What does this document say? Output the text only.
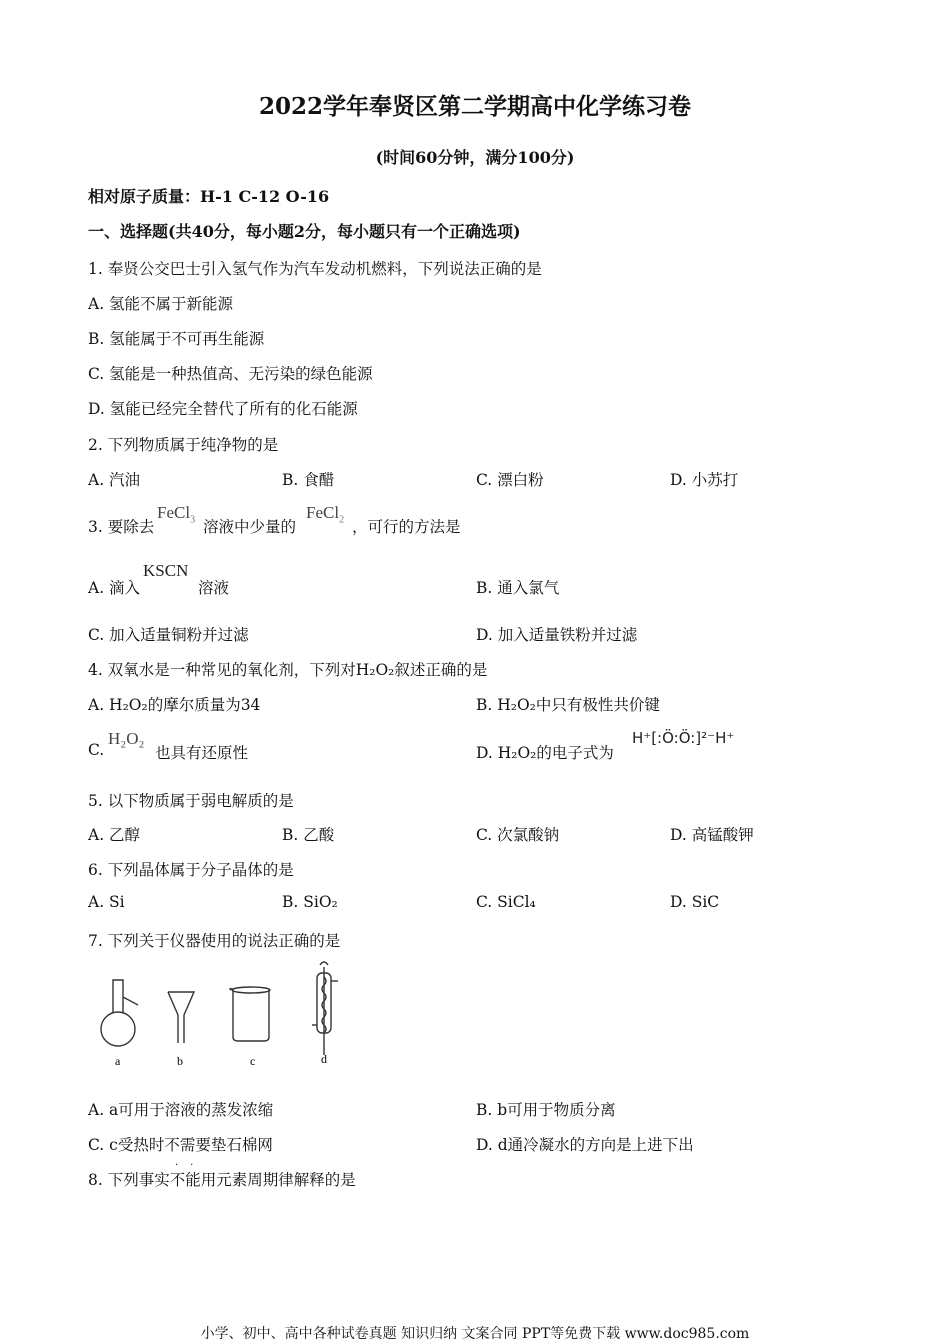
2022学年奉贤区第二学期高中化学练习卷
(时间60分钟，满分100分)
相对原子质量：H-1 C-12 O-16
一、选择题(共40分，每小题2分，每小题只有一个正确选项)
1. 奉贤公交巴士引入氢气作为汽车发动机燃料，下列说法正确的是
A. 氢能不属于新能源
B. 氢能属于不可再生能源
C. 氢能是一种热值高、无污染的绿色能源
D. 氢能已经完全替代了所有的化石能源
2. 下列物质属于纯净物的是
A. 汽油	B. 食醋	C. 漂白粉	D. 小苏打
3. 要除去
FeCl$_3$ 溶液中少量的
FeCl$_2$ ，可行的方法是
A. 滴入
KSCN
溶液	B. 通入氯气
C. 加入适量铜粉并过滤	D. 加入适量铁粉并过滤
4. 双氧水是一种常见的氧化剂，下列对H₂O₂叙述正确的是
A. H₂O₂的摩尔质量为34	B. H₂O₂中只有极性共价键
C.
H₂O₂
也具有还原性	D. H₂O₂的电子式为
H⁺[:Ö:Ö:]²⁻H⁺
5. 以下物质属于弱电解质的是
A. 乙醇	B. 乙酸	C. 次氯酸钠	D. 高锰酸钾
6. 下列晶体属于分子晶体的是
A. Si	B. SiO₂	C. SiCl₄	D. SiC
7. 下列关于仪器使用的说法正确的是
a	b	c	d
A. a可用于溶液的蒸发浓缩	B. b可用于物质分离
C. c受热时不需要垫石棉网	D. d通冷凝水的方向是上进下出
8. 下列事实不能用元素周期律解释的是
··
小学、初中、高中各种试卷真题 知识归纳 文案合同 PPT等免费下载 www.doc985.com
